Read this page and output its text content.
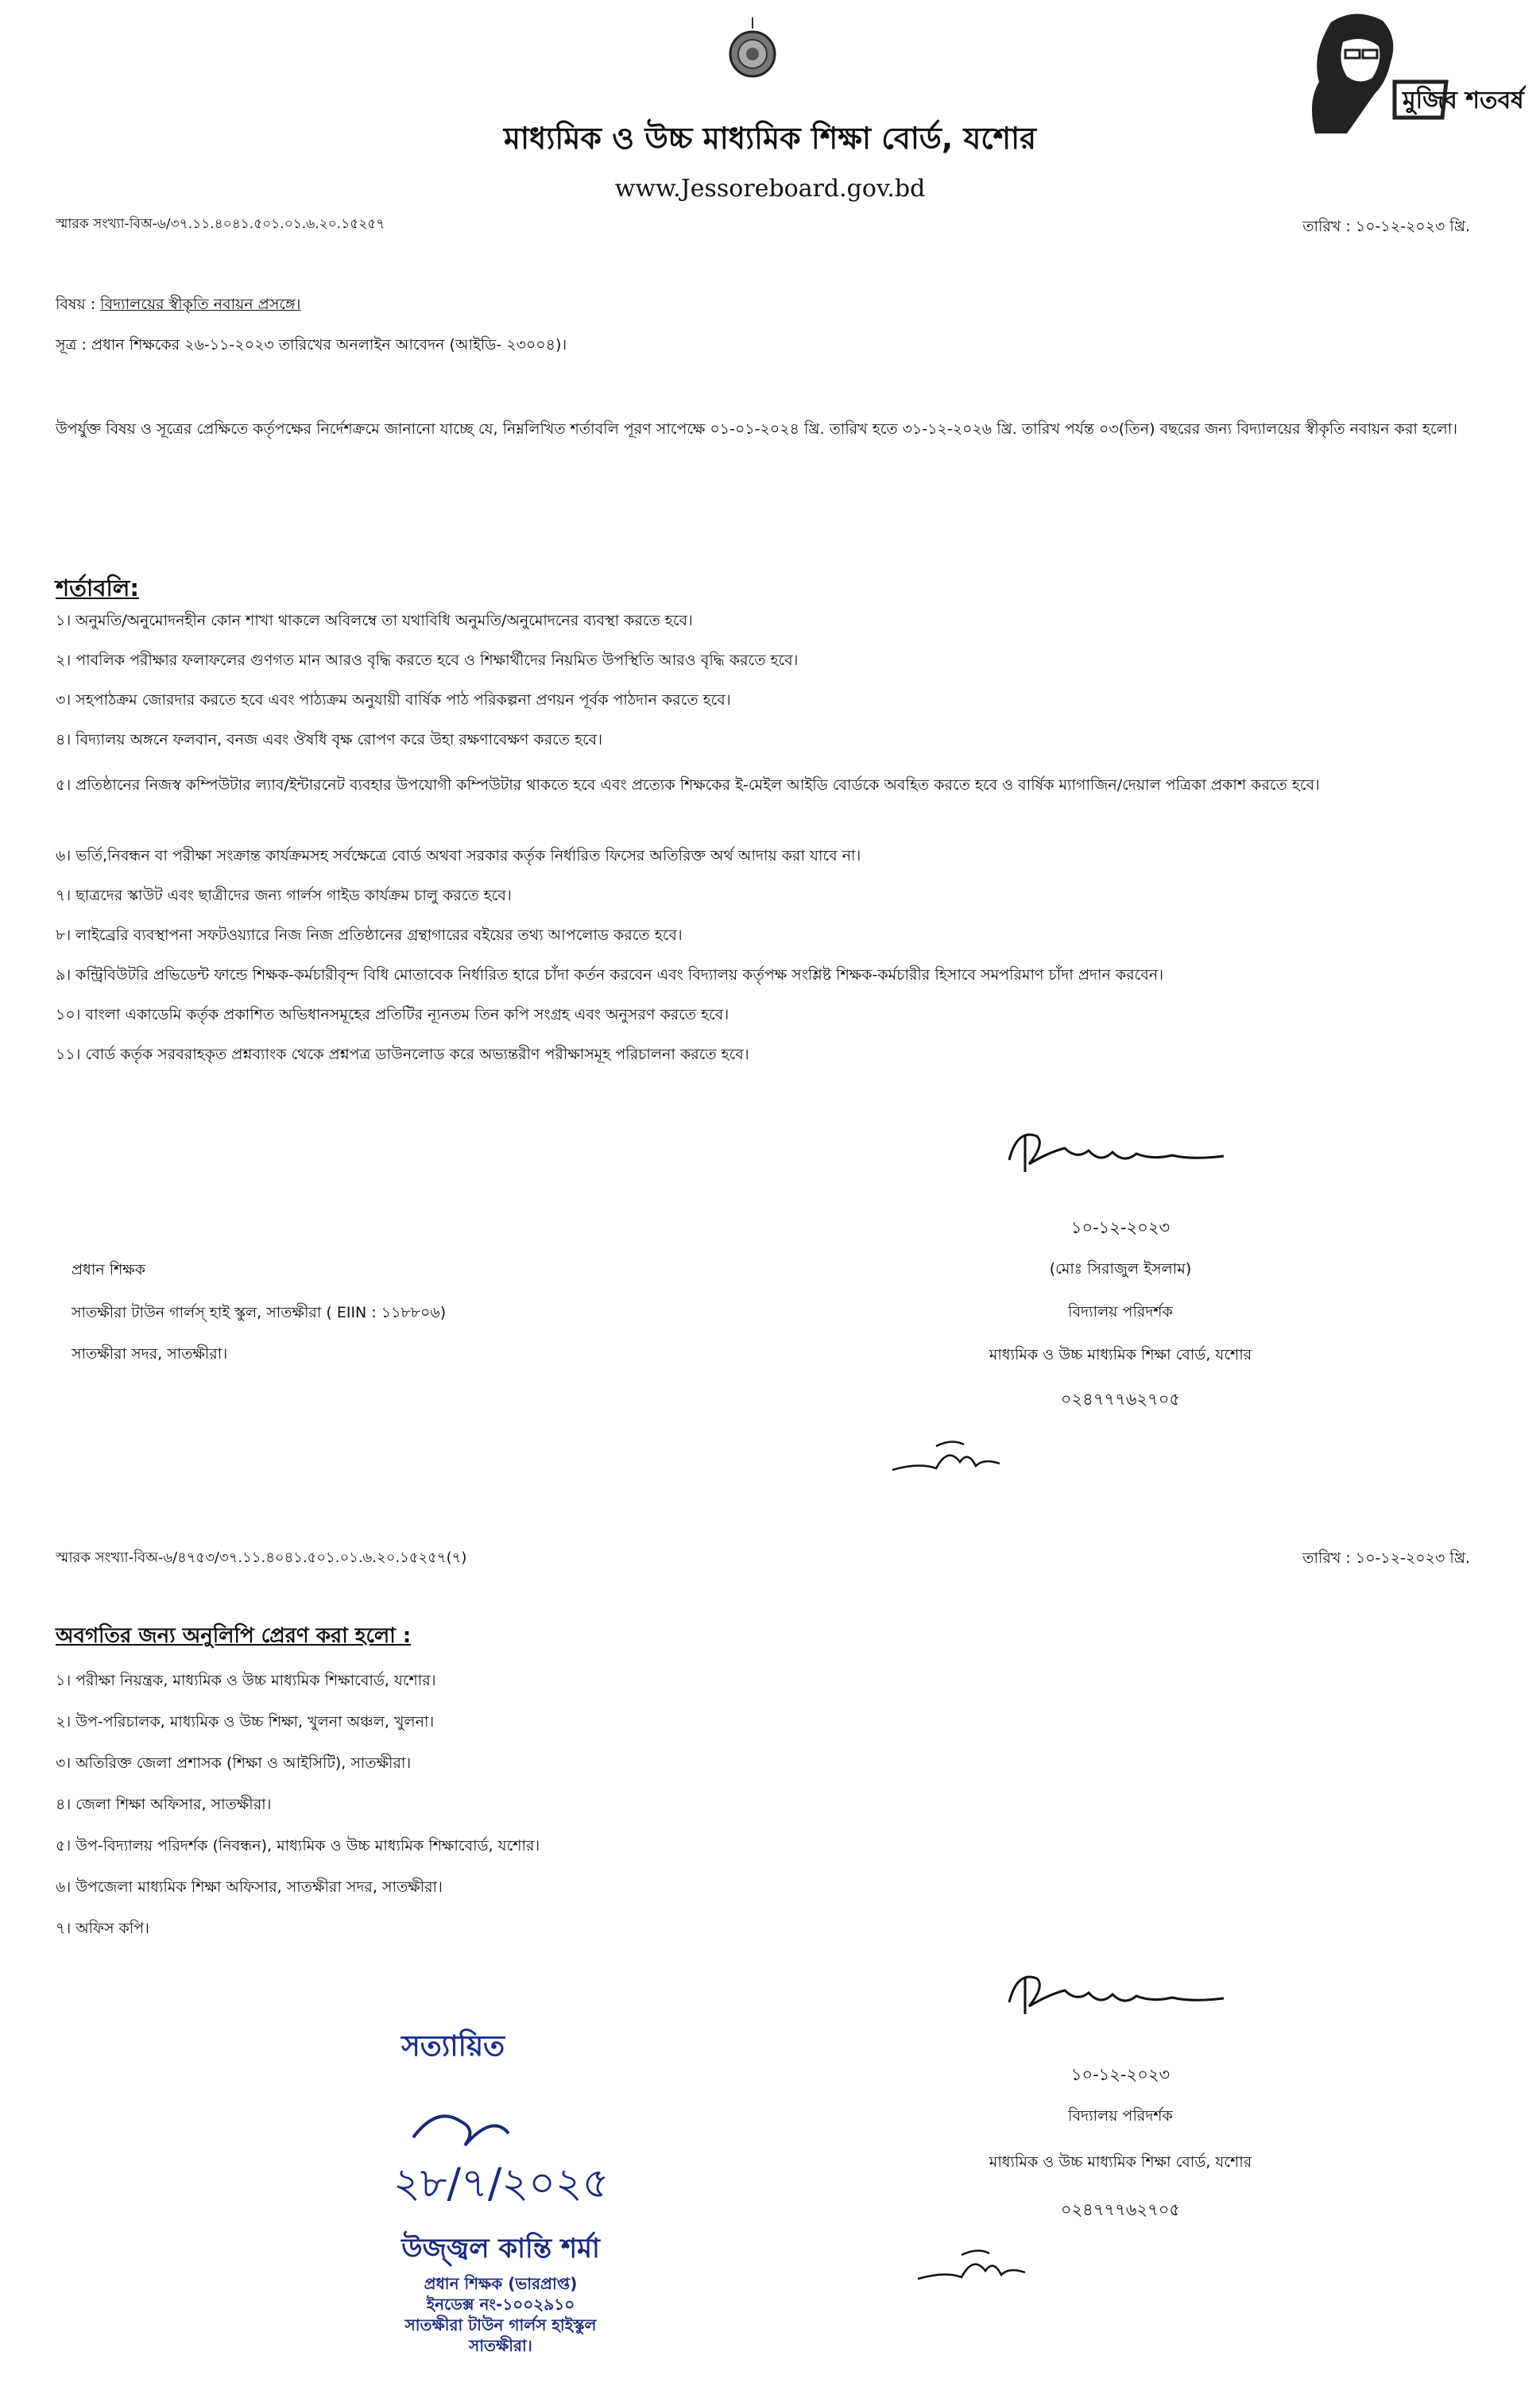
মুজিব শতবর্ষ
মাধ্যমিক ও উচ্চ মাধ্যমিক শিক্ষা বোর্ড, যশোর
www.Jessoreboard.gov.bd
স্মারক সংখ্যা-বিঅ-৬/৩৭.১১.৪০৪১.৫০১.০১.৬.২০.১৫২৫৭	তারিখ : ১০-১২-২০২৩ খ্রি.
বিষয় : বিদ্যালয়ের স্বীকৃতি নবায়ন প্রসঙ্গে।
সূত্র : প্রধান শিক্ষকের ২৬-১১-২০২৩ তারিখের অনলাইন আবেদন (আইডি- ২৩০০৪)।
উপর্যুক্ত বিষয় ও সূত্রের প্রেক্ষিতে কর্তৃপক্ষের নির্দেশক্রমে জানানো যাচ্ছে যে, নিম্নলিখিত শর্তাবলি পূরণ সাপেক্ষে ০১-০১-২০২৪ খ্রি. তারিখ হতে ৩১-১২-২০২৬ খ্রি. তারিখ পর্যন্ত ০৩(তিন) বছরের জন্য বিদ্যালয়ের স্বীকৃতি নবায়ন করা হলো।
শর্তাবলি:
১। অনুমতি/অনুমোদনহীন কোন শাখা থাকলে অবিলম্বে তা যথাবিধি অনুমতি/অনুমোদনের ব্যবস্থা করতে হবে।
২। পাবলিক পরীক্ষার ফলাফলের গুণগত মান আরও বৃদ্ধি করতে হবে ও শিক্ষার্থীদের নিয়মিত উপস্থিতি আরও বৃদ্ধি করতে হবে।
৩। সহপাঠক্রম জোরদার করতে হবে এবং পাঠ্যক্রম অনুযায়ী বার্ষিক পাঠ পরিকল্পনা প্রণয়ন পূর্বক পাঠদান করতে হবে।
৪। বিদ্যালয় অঙ্গনে ফলবান, বনজ এবং ঔষধি বৃক্ষ রোপণ করে উহা রক্ষণাবেক্ষণ করতে হবে।
৫। প্রতিষ্ঠানের নিজস্ব কম্পিউটার ল্যাব/ইন্টারনেট ব্যবহার উপযোগী কম্পিউটার থাকতে হবে এবং প্রত্যেক শিক্ষকের ই-মেইল আইডি বোর্ডকে অবহিত করতে হবে ও বার্ষিক ম্যাগাজিন/দেয়াল পত্রিকা প্রকাশ করতে হবে।
৬। ভর্তি,নিবন্ধন বা পরীক্ষা সংক্রান্ত কার্যক্রমসহ সর্বক্ষেত্রে বোর্ড অথবা সরকার কর্তৃক নির্ধারিত ফিসের অতিরিক্ত অর্থ আদায় করা যাবে না।
৭। ছাত্রদের স্কাউট এবং ছাত্রীদের জন্য গার্লস গাইড কার্যক্রম চালু করতে হবে।
৮। লাইব্রেরি ব্যবস্থাপনা সফটওয়্যারে নিজ নিজ প্রতিষ্ঠানের গ্রন্থাগারের বইয়ের তথ্য আপলোড করতে হবে।
৯। কন্ট্রিবিউটরি প্রভিডেন্ট ফান্ডে শিক্ষক-কর্মচারীবৃন্দ বিধি মোতাবেক নির্ধারিত হারে চাঁদা কর্তন করবেন এবং বিদ্যালয় কর্তৃপক্ষ সংশ্লিষ্ট শিক্ষক-কর্মচারীর হিসাবে সমপরিমাণ চাঁদা প্রদান করবেন।
১০। বাংলা একাডেমি কর্তৃক প্রকাশিত অভিধানসমূহের প্রতিটির ন্যূনতম তিন কপি সংগ্রহ এবং অনুসরণ করতে হবে।
১১। বোর্ড কর্তৃক সরবরাহকৃত প্রশ্নব্যাংক থেকে প্রশ্নপত্র ডাউনলোড করে অভ্যন্তরীণ পরীক্ষাসমূহ পরিচালনা করতে হবে।
১০-১২-২০২৩
(মোঃ সিরাজুল ইসলাম)
বিদ্যালয় পরিদর্শক
মাধ্যমিক ও উচ্চ মাধ্যমিক শিক্ষা বোর্ড, যশোর
০২৪৭৭৭৬২৭০৫
প্রধান শিক্ষক
সাতক্ষীরা টাউন গার্লস্ হাই স্কুল, সাতক্ষীরা ( EIIN : ১১৮৮০৬)
সাতক্ষীরা সদর, সাতক্ষীরা।
স্মারক সংখ্যা-বিঅ-৬/৪৭৫৩/৩৭.১১.৪০৪১.৫০১.০১.৬.২০.১৫২৫৭(৭)	তারিখ : ১০-১২-২০২৩ খ্রি.
অবগতির জন্য অনুলিপি প্রেরণ করা হলো :
১। পরীক্ষা নিয়ন্ত্রক, মাধ্যমিক ও উচ্চ মাধ্যমিক শিক্ষাবোর্ড, যশোর।
২। উপ-পরিচালক, মাধ্যমিক ও উচ্চ শিক্ষা, খুলনা অঞ্চল, খুলনা।
৩। অতিরিক্ত জেলা প্রশাসক (শিক্ষা ও আইসিটি), সাতক্ষীরা।
৪। জেলা শিক্ষা অফিসার, সাতক্ষীরা।
৫। উপ-বিদ্যালয় পরিদর্শক (নিবন্ধন), মাধ্যমিক ও উচ্চ মাধ্যমিক শিক্ষাবোর্ড, যশোর।
৬। উপজেলা মাধ্যমিক শিক্ষা অফিসার, সাতক্ষীরা সদর, সাতক্ষীরা।
৭। অফিস কপি।
১০-১২-২০২৩
বিদ্যালয় পরিদর্শক
মাধ্যমিক ও উচ্চ মাধ্যমিক শিক্ষা বোর্ড, যশোর
০২৪৭৭৭৬২৭০৫
সত্যায়িত
২৮/৭/২০২৫
উজ্জ্বল কান্তি শর্মা
প্রধান শিক্ষক (ভারপ্রাপ্ত)
ইনডেক্স নং-১০০২৯১০
সাতক্ষীরা টাউন গার্লস হাইস্কুল
সাতক্ষীরা।
